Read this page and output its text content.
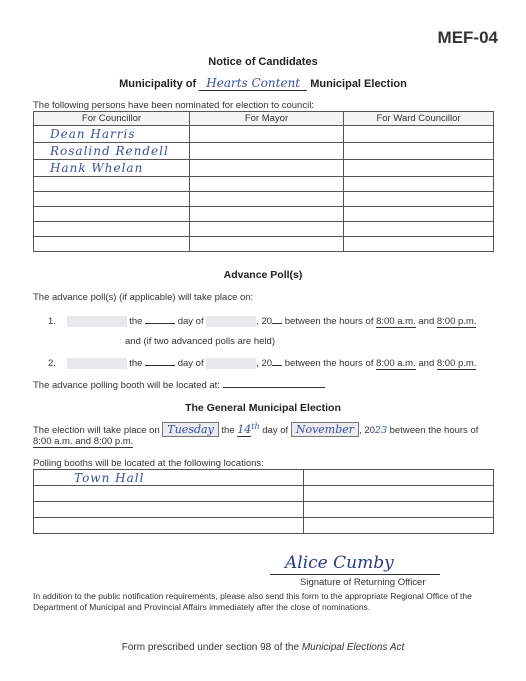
MEF-04
Notice of Candidates
Municipality of Hearts Content Municipal Election
The following persons have been nominated for election to council:
For Councillor	For Mayor	For Ward Councillor
Dean Harris		
Rosalind Rendell		
Hank Whelan		

Advance Poll(s)
The advance poll(s) (if applicable) will take place on:
1.	the	day of	, 20 between the hours of 8:00 a.m. and 8:00 p.m.
and (if two advanced polls are held)
2.	the	day of	, 20 between the hours of 8:00 a.m. and 8:00 p.m.
The advance polling booth will be located at:
The General Municipal Election
The election will take place on Tuesday the 14th day of November , 2023 between the hours of
8:00 a.m. and 8:00 p.m.
Polling booths will be located at the following locations:
Town Hall	

Alice Cumby
Signature of Returning Officer
In addition to the public notification requirements, please also send this form to the appropriate Regional Office of the
Department of Municipal and Provincial Affairs immediately after the close of nominations.
Form prescribed under section 98 of the Municipal Elections Act
